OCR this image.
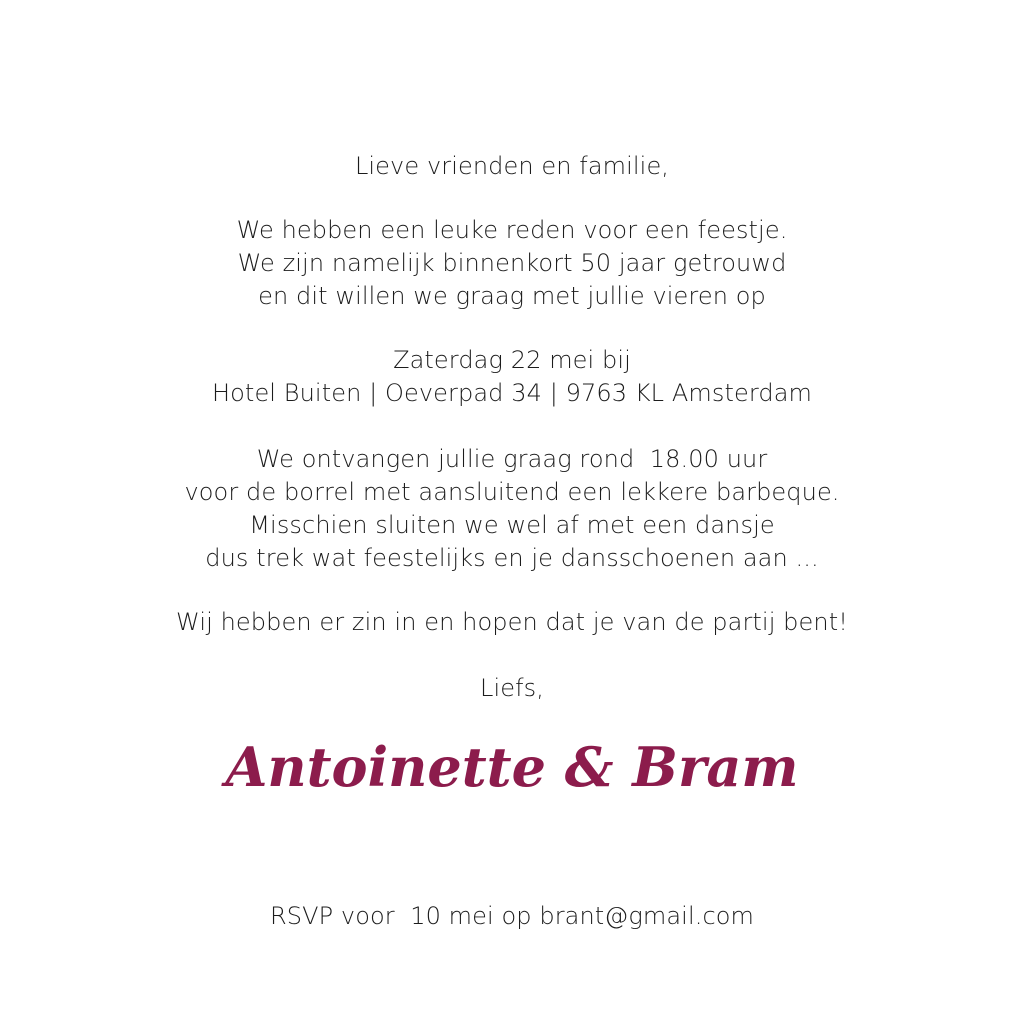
Lieve vrienden en familie,
We hebben een leuke reden voor een feestje.
We zijn namelijk binnenkort 50 jaar getrouwd
en dit willen we graag met jullie vieren op
Zaterdag 22 mei bij
Hotel Buiten | Oeverpad 34 | 9763 KL Amsterdam
We ontvangen jullie graag rond  18.00 uur
voor de borrel met aansluitend een lekkere barbeque.
Misschien sluiten we wel af met een dansje
dus trek wat feestelijks en je dansschoenen aan ...
Wij hebben er zin in en hopen dat je van de partij bent!
Liefs,
Antoinette & Bram
RSVP voor  10 mei op brant@gmail.com
